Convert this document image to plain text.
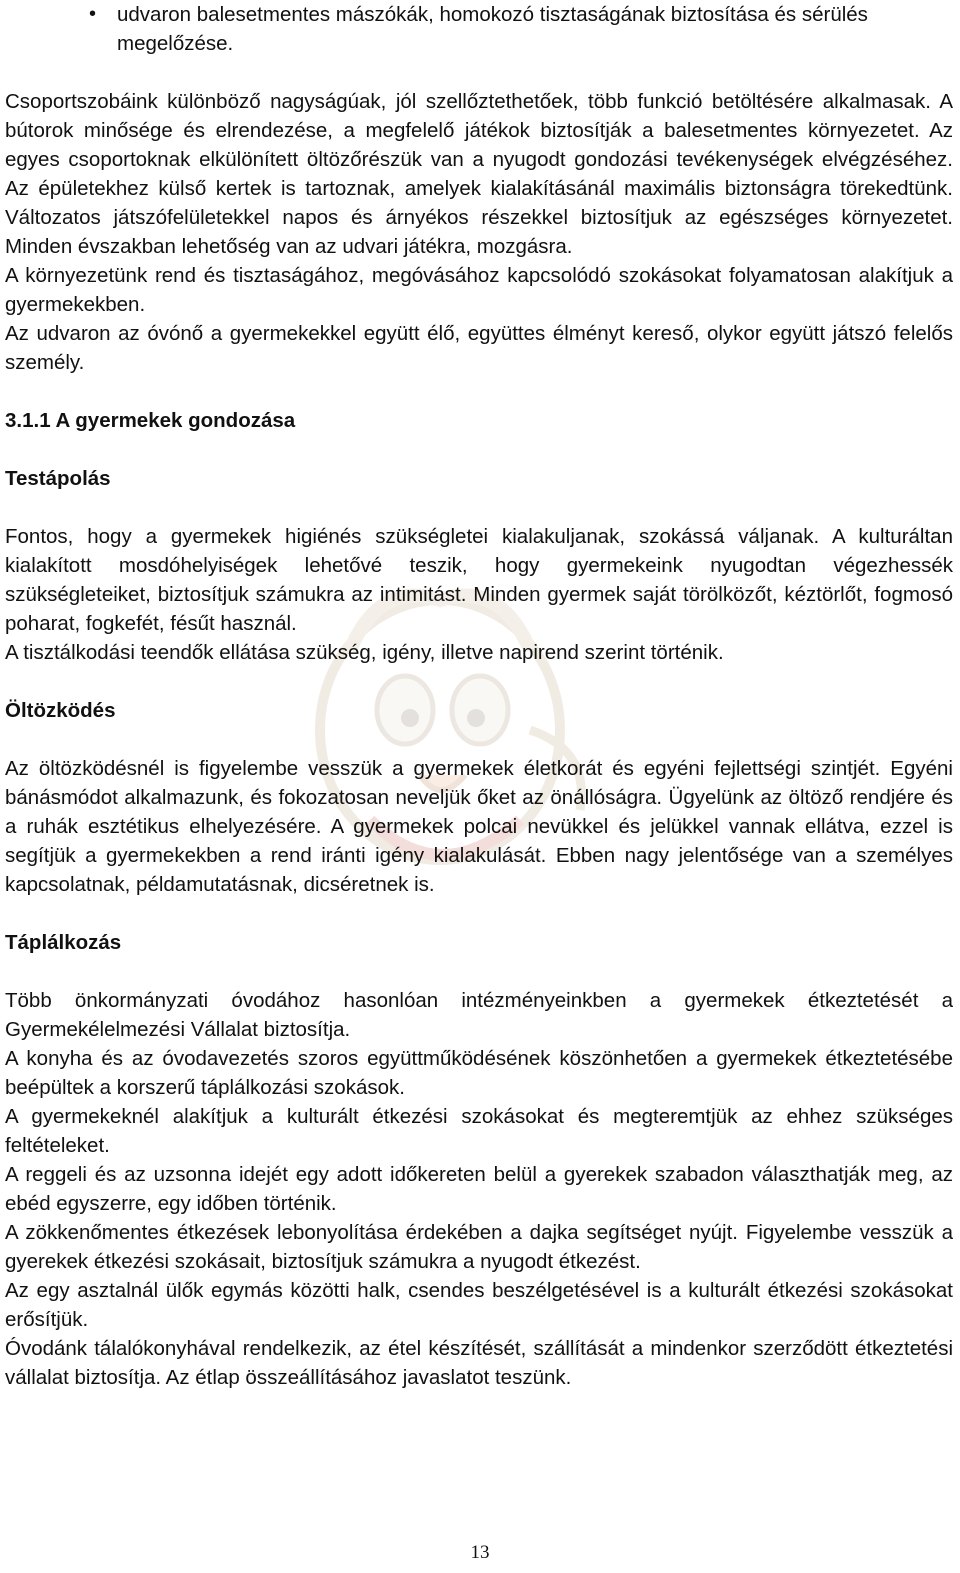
• udvaron balesetmentes mászókák, homokozó tisztaságának biztosítása és sérülés megelőzése.

Csoportszobáink különböző nagyságúak, jól szellőztethetőek, több funkció betöltésére alkalmasak. A bútorok minősége és elrendezése, a megfelelő játékok biztosítják a balesetmentes környezetet. Az egyes csoportoknak elkülönített öltözőrészük van a nyugodt gondozási tevékenységek elvégzéséhez. Az épületekhez külső kertek is tartoznak, amelyek kialakításánál maximális biztonságra törekedtünk. Változatos játszófelületekkel napos és árnyékos részekkel biztosítjuk az egészséges környezetet. Minden évszakban lehetőség van az udvari játékra, mozgásra.

A környezetünk rend és tisztaságához, megóvásához kapcsolódó szokásokat folyamatosan alakítjuk a gyermekekben.

Az udvaron az óvónő a gyermekekkel együtt élő, együttes élményt kereső, olykor együtt játszó felelős személy.

3.1.1 A gyermekek gondozása
Testápolás

Fontos, hogy a gyermekek higiénés szükségletei kialakuljanak, szokássá váljanak. A kulturáltan kialakított mosdóhelyiségek lehetővé teszik, hogy gyermekeink nyugodtan végezhessék szükségleteiket, biztosítjuk számukra az intimitást. Minden gyermek saját törölközőt, kéztörlőt, fogmosó poharat, fogkefét, fésűt használ.

A tisztálkodási teendők ellátása szükség, igény, illetve napirend szerint történik.

Öltözködés

Az öltözködésnél is figyelembe vesszük a gyermekek életkorát és egyéni fejlettségi szintjét. Egyéni bánásmódot alkalmazunk, és fokozatosan neveljük őket az önállóságra. Ügyelünk az öltöző rendjére és a ruhák esztétikus elhelyezésére. A gyermekek polcai nevükkel és jelükkel vannak ellátva, ezzel is segítjük a gyermekekben a rend iránti igény kialakulását. Ebben nagy jelentősége van a személyes kapcsolatnak, példamutatásnak, dicséretnek is.

Táplálkozás

Több önkormányzati óvodához hasonlóan intézményeinkben a gyermekek étkeztetését a Gyermekélelmezési Vállalat biztosítja.

A konyha és az óvodavezetés szoros együttműködésének köszönhetően a gyermekek étkeztetésébe beépültek a korszerű táplálkozási szokások.

A gyermekeknél alakítjuk a kulturált étkezési szokásokat és megteremtjük az ehhez szükséges feltételeket.

A reggeli és az uzsonna idejét egy adott időkereten belül a gyerekek szabadon választhatják meg, az ebéd egyszerre, egy időben történik.

A zökkenőmentes étkezések lebonyolítása érdekében a dajka segítséget nyújt. Figyelembe vesszük a gyerekek étkezési szokásait, biztosítjuk számukra a nyugodt étkezést.

Az egy asztalnál ülők egymás közötti halk, csendes beszélgetésével is a kulturált étkezési szokásokat erősítjük.

Óvodánk tálalókonyhával rendelkezik, az étel készítését, szállítását a mindenkor szerződött étkeztetési vállalat biztosítja. Az étlap összeállításához javaslatot teszünk.

13
